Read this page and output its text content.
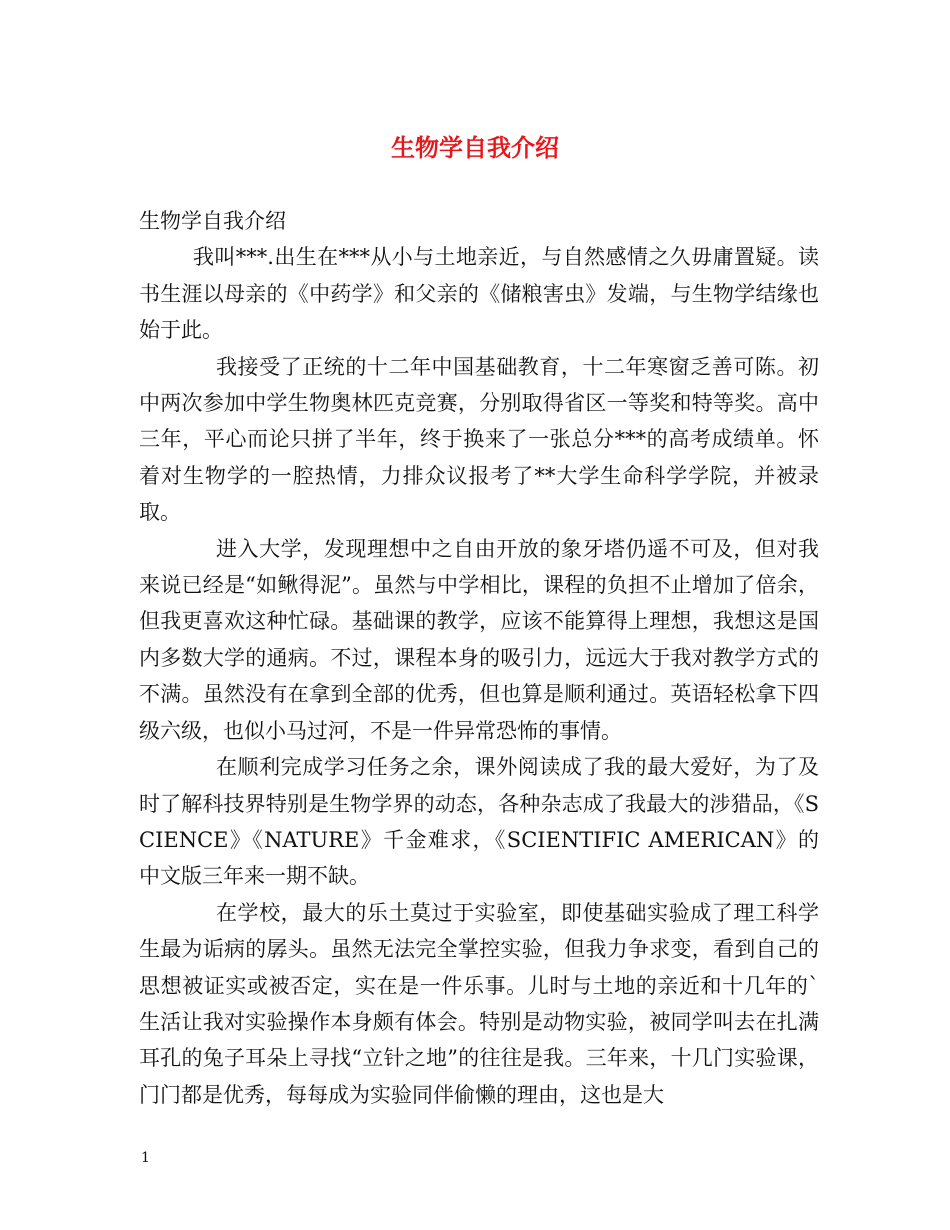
生物学自我介绍

生物学自我介绍

我叫***.出生在***从小与土地亲近，与自然感情之久毋庸置疑。读书生涯以母亲的《中药学》和父亲的《储粮害虫》发端，与生物学结缘也始于此。

我接受了正统的十二年中国基础教育，十二年寒窗乏善可陈。初中两次参加中学生物奥林匹克竞赛，分别取得省区一等奖和特等奖。高中三年，平心而论只拼了半年，终于换来了一张总分***的高考成绩单。怀着对生物学的一腔热情，力排众议报考了**大学生命科学学院，并被录取。

进入大学，发现理想中之自由开放的象牙塔仍遥不可及，但对我来说已经是“如鳅得泥”。虽然与中学相比，课程的负担不止增加了倍余，但我更喜欢这种忙碌。基础课的教学，应该不能算得上理想，我想这是国内多数大学的通病。不过，课程本身的吸引力，远远大于我对教学方式的不满。虽然没有在拿到全部的优秀，但也算是顺利通过。英语轻松拿下四级六级，也似小马过河，不是一件异常恐怖的事情。

在顺利完成学习任务之余，课外阅读成了我的最大爱好，为了及时了解科技界特别是生物学界的动态，各种杂志成了我最大的涉猎品，《SCIENCE》《NATURE》千金难求，《SCIENTIFIC AMERICAN》的中文版三年来一期不缺。

在学校，最大的乐土莫过于实验室，即使基础实验成了理工科学生最为诟病的孱头。虽然无法完全掌控实验，但我力争求变，看到自己的思想被证实或被否定，实在是一件乐事。儿时与土地的亲近和十几年的`生活让我对实验操作本身颇有体会。特别是动物实验，被同学叫去在扎满耳孔的兔子耳朵上寻找“立针之地”的往往是我。三年来，十几门实验课，门门都是优秀，每每成为实验同伴偷懒的理由，这也是大

1
